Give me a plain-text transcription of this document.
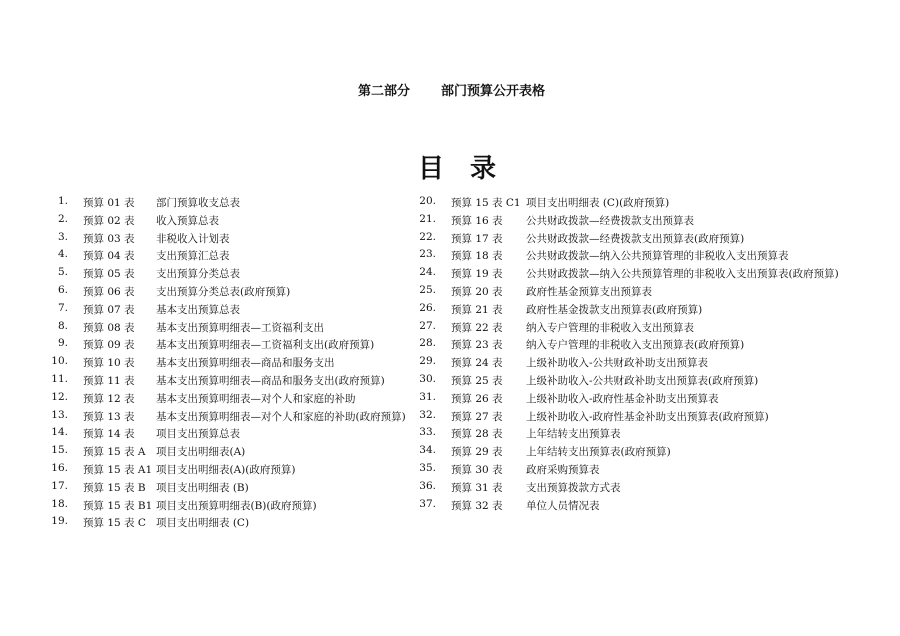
第二部分 部门预算公开表格
目录
1. 预算 01 表 部门预算收支总表
2. 预算 02 表 收入预算总表
3. 预算 03 表 非税收入计划表
4. 预算 04 表 支出预算汇总表
5. 预算 05 表 支出预算分类总表
6. 预算 06 表 支出预算分类总表(政府预算)
7. 预算 07 表 基本支出预算总表
8. 预算 08 表 基本支出预算明细表—工资福利支出
9. 预算 09 表 基本支出预算明细表—工资福利支出(政府预算)
10. 预算 10 表 基本支出预算明细表—商品和服务支出
11. 预算 11 表 基本支出预算明细表—商品和服务支出(政府预算)
12. 预算 12 表 基本支出预算明细表—对个人和家庭的补助
13. 预算 13 表 基本支出预算明细表—对个人和家庭的补助(政府预算)
14. 预算 14 表 项目支出预算总表
15. 预算 15 表 A 项目支出明细表(A)
16. 预算 15 表 A1 项目支出明细表(A)(政府预算)
17. 预算 15 表 B 项目支出明细表 (B)
18. 预算 15 表 B1 项目支出预算明细表(B)(政府预算)
19. 预算 15 表 C 项目支出明细表 (C)
20. 预算 15 表 C1 项目支出明细表 (C)(政府预算)
21. 预算 16 表 公共财政拨款—经费拨款支出预算表
22. 预算 17 表 公共财政拨款—经费拨款支出预算表(政府预算)
23. 预算 18 表 公共财政拨款—纳入公共预算管理的非税收入支出预算表
24. 预算 19 表 公共财政拨款—纳入公共预算管理的非税收入支出预算表(政府预算)
25. 预算 20 表 政府性基金预算支出预算表
26. 预算 21 表 政府性基金拨款支出预算表(政府预算)
27. 预算 22 表 纳入专户管理的非税收入支出预算表
28. 预算 23 表 纳入专户管理的非税收入支出预算表(政府预算)
29. 预算 24 表 上级补助收入-公共财政补助支出预算表
30. 预算 25 表 上级补助收入-公共财政补助支出预算表(政府预算)
31. 预算 26 表 上级补助收入-政府性基金补助支出预算表
32. 预算 27 表 上级补助收入-政府性基金补助支出预算表(政府预算)
33. 预算 28 表 上年结转支出预算表
34. 预算 29 表 上年结转支出预算表(政府预算)
35. 预算 30 表 政府采购预算表
36. 预算 31 表 支出预算拨款方式表
37. 预算 32 表 单位人员情况表
